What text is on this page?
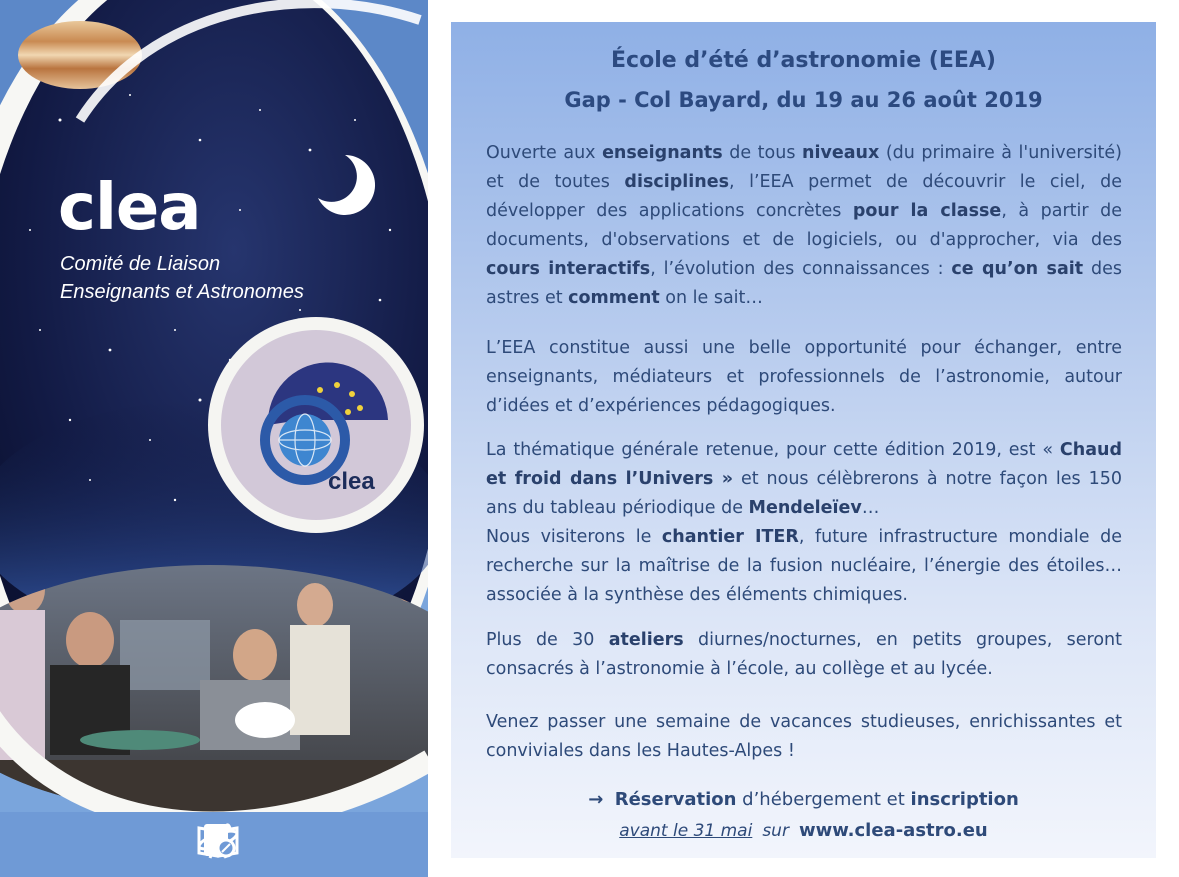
clea
Comité de Liaison
Enseignants et Astronomes
clea
École d’été d’astronomie (EEA)
Gap - Col Bayard, du 19 au 26 août 2019

Ouverte aux enseignants de tous niveaux (du primaire à l'université) et de toutes disciplines, l’EEA permet de découvrir le ciel, de développer des applications concrètes pour la classe, à partir de documents, d'observations et de logiciels, ou d'approcher, via des cours interactifs, l’évolution des connaissances : ce qu’on sait des astres et comment on le sait…

L’EEA constitue aussi une belle opportunité pour échanger, entre enseignants, médiateurs et professionnels de l’astronomie, autour d’idées et d’expériences pédagogiques.

La thématique générale retenue, pour cette édition 2019, est « Chaud et froid dans l’Univers » et nous célèbrerons à notre façon les 150 ans du tableau périodique de Mendeleïev…
Nous visiterons le chantier ITER, future infrastructure mondiale de recherche sur la maîtrise de la fusion nucléaire, l’énergie des étoiles… associée à la synthèse des éléments chimiques.

Plus de 30 ateliers diurnes/nocturnes, en petits groupes, seront consacrés à l’astronomie à l’école, au collège et au lycée.

Venez passer une semaine de vacances studieuses, enrichissantes et conviviales dans les Hautes-Alpes !

→ Réservation d’hébergement et inscription
avant le 31 mai sur www.clea-astro.eu
